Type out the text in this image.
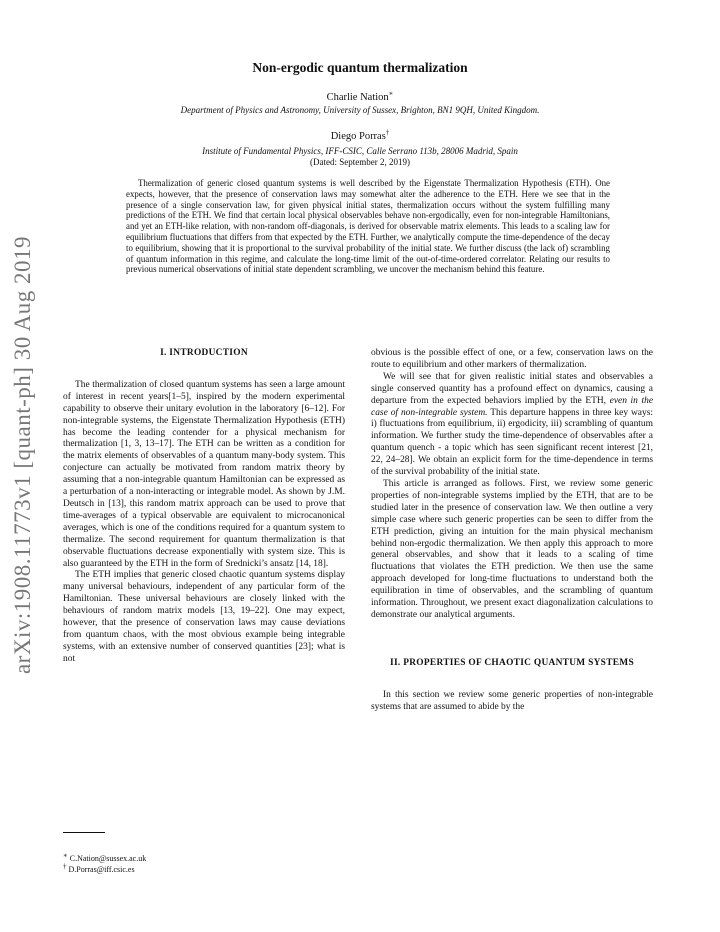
arXiv:1908.11773v1 [quant-ph] 30 Aug 2019
Non-ergodic quantum thermalization
Charlie Nation∗
Department of Physics and Astronomy, University of Sussex, Brighton, BN1 9QH, United Kingdom.
Diego Porras†
Institute of Fundamental Physics, IFF-CSIC, Calle Serrano 113b, 28006 Madrid, Spain
(Dated: September 2, 2019)

Thermalization of generic closed quantum systems is well described by the Eigenstate Thermalization Hypothesis (ETH). One expects, however, that the presence of conservation laws may somewhat alter the adherence to the ETH. Here we see that in the presence of a single conservation law, for given physical initial states, thermalization occurs without the system fulfilling many predictions of the ETH. We find that certain local physical observables behave non-ergodically, even for non-integrable Hamiltonians, and yet an ETH-like relation, with non-random off-diagonals, is derived for observable matrix elements. This leads to a scaling law for equilibrium fluctuations that differs from that expected by the ETH. Further, we analytically compute the time-dependence of the decay to equilibrium, showing that it is proportional to the survival probability of the initial state. We further discuss (the lack of) scrambling of quantum information in this regime, and calculate the long-time limit of the out-of-time-ordered correlator. Relating our results to previous numerical observations of initial state dependent scrambling, we uncover the mechanism behind this feature.

I. INTRODUCTION

The thermalization of closed quantum systems has seen a large amount of interest in recent years[1–5], inspired by the modern experimental capability to observe their unitary evolution in the laboratory [6–12]. For non-integrable systems, the Eigenstate Thermalization Hypothesis (ETH) has become the leading contender for a physical mechanism for thermalization [1, 3, 13–17]. The ETH can be written as a condition for the matrix elements of observables of a quantum many-body system. This conjecture can actually be motivated from random matrix theory by assuming that a non-integrable quantum Hamiltonian can be expressed as a perturbation of a non-interacting or integrable model. As shown by J.M. Deutsch in [13], this random matrix approach can be used to prove that time-averages of a typical observable are equivalent to microcanonical averages, which is one of the conditions required for a quantum system to thermalize. The second requirement for quantum thermalization is that observable fluctuations decrease exponentially with system size. This is also guaranteed by the ETH in the form of Srednicki’s ansatz [14, 18].

The ETH implies that generic closed chaotic quantum systems display many universal behaviours, independent of any particular form of the Hamiltonian. These universal behaviours are closely linked with the behaviours of random matrix models [13, 19–22]. One may expect, however, that the presence of conservation laws may cause deviations from quantum chaos, with the most obvious example being integrable systems, with an extensive number of conserved quantities [23]; what is not

obvious is the possible effect of one, or a few, conservation laws on the route to equilibrium and other markers of thermalization.

We will see that for given realistic initial states and observables a single conserved quantity has a profound effect on dynamics, causing a departure from the expected behaviors implied by the ETH, even in the case of non-integrable system. This departure happens in three key ways: i) fluctuations from equilibrium, ii) ergodicity, iii) scrambling of quantum information. We further study the time-dependence of observables after a quantum quench - a topic which has seen significant recent interest [21, 22, 24–28]. We obtain an explicit form for the time-dependence in terms of the survival probability of the initial state.

This article is arranged as follows. First, we review some generic properties of non-integrable systems implied by the ETH, that are to be studied later in the presence of conservation law. We then outline a very simple case where such generic properties can be seen to differ from the ETH prediction, giving an intuition for the main physical mechanism behind non-ergodic thermalization. We then apply this approach to more general observables, and show that it leads to a scaling of time fluctuations that violates the ETH prediction. We then use the same approach developed for long-time fluctuations to understand both the equilibration in time of observables, and the scrambling of quantum information. Throughout, we present exact diagonalization calculations to demonstrate our analytical arguments.

II. PROPERTIES OF CHAOTIC QUANTUM SYSTEMS

In this section we review some generic properties of non-integrable systems that are assumed to abide by the

∗ C.Nation@sussex.ac.uk
† D.Porras@iff.csic.es
